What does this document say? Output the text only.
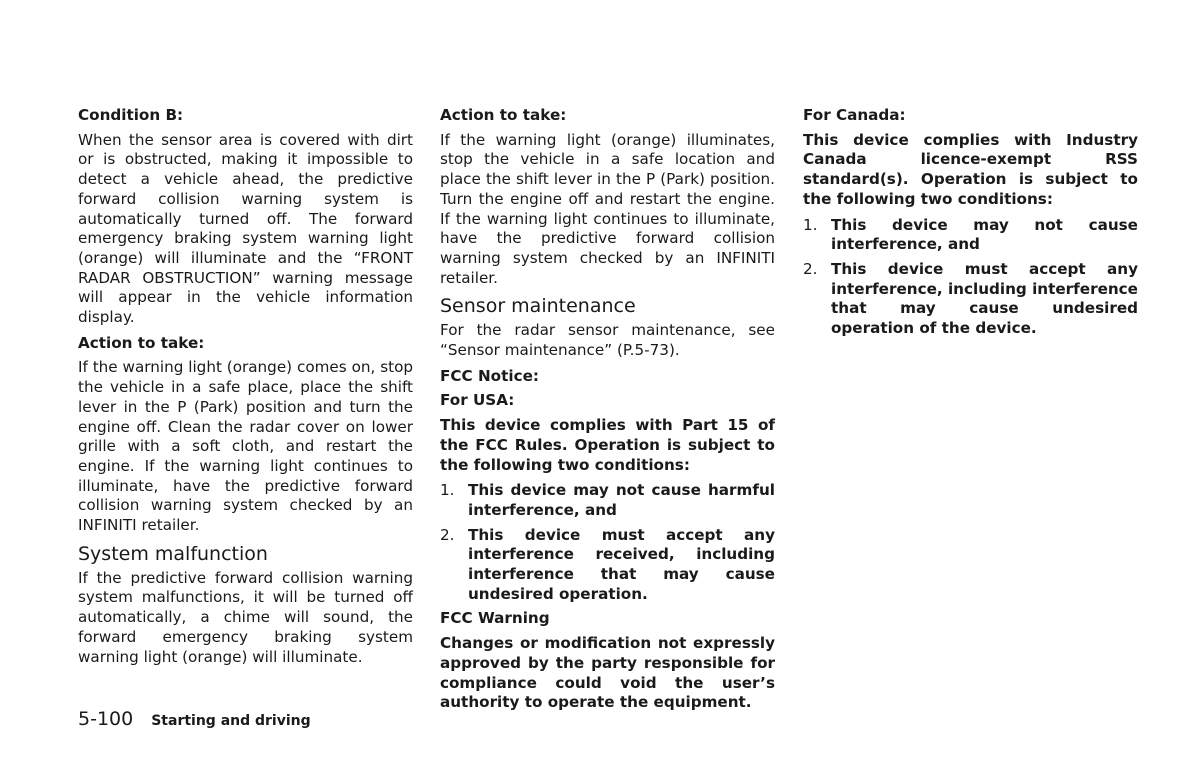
Condition B:

When the sensor area is covered with dirt or is obstructed, making it impossible to detect a vehicle ahead, the predictive forward collision warning system is automatically turned off. The forward emergency braking system warning light (orange) will illuminate and the “FRONT RADAR OBSTRUCTION” warning message will appear in the vehicle information display.

Action to take:

If the warning light (orange) comes on, stop the vehicle in a safe place, place the shift lever in the P (Park) position and turn the engine off. Clean the radar cover on lower grille with a soft cloth, and restart the engine. If the warning light continues to illuminate, have the predictive forward collision warning system checked by an INFINITI retailer.

System malfunction

If the predictive forward collision warning system malfunctions, it will be turned off automatically, a chime will sound, the forward emergency braking system warning light (orange) will illuminate.

Action to take:

If the warning light (orange) illuminates, stop the vehicle in a safe location and place the shift lever in the P (Park) position. Turn the engine off and restart the engine. If the warning light continues to illuminate, have the predictive forward collision warning system checked by an INFINITI retailer.

Sensor maintenance

For the radar sensor maintenance, see “Sensor maintenance” (P.5-73).

FCC Notice:
For USA:

This device complies with Part 15 of the FCC Rules. Operation is subject to the following two conditions:

1. This device may not cause harmful interference, and
2. This device must accept any interference received, including interference that may cause undesired operation.
FCC Warning

Changes or modification not expressly approved by the party responsible for compliance could void the user’s authority to operate the equipment.

For Canada:

This device complies with Industry Canada licence-exempt RSS standard(s). Operation is subject to the following two conditions:

1. This device may not cause interference, and
2. This device must accept any interference, including interference that may cause undesired operation of the device.
5-100 Starting and driving
